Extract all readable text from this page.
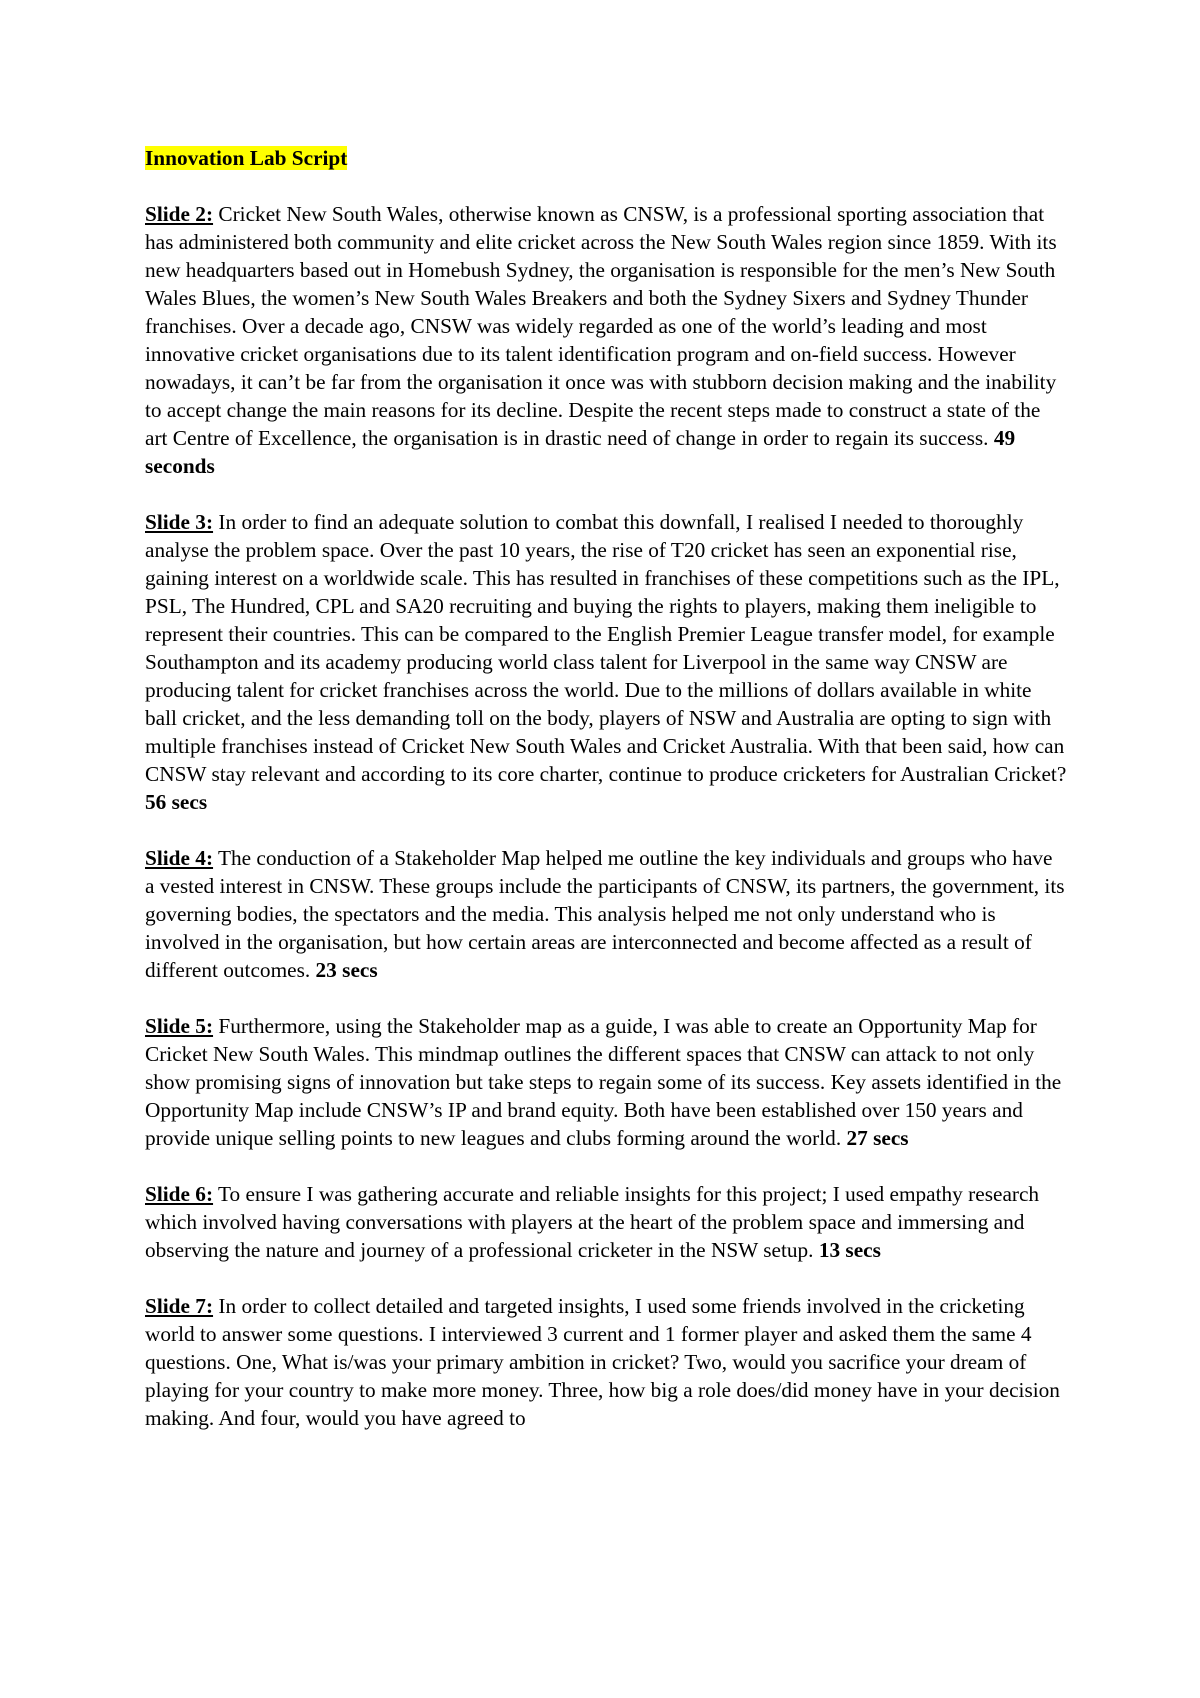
Innovation Lab Script

Slide 2: Cricket New South Wales, otherwise known as CNSW, is a professional sporting association that has administered both community and elite cricket across the New South Wales region since 1859. With its new headquarters based out in Homebush Sydney, the organisation is responsible for the men’s New South Wales Blues, the women’s New South Wales Breakers and both the Sydney Sixers and Sydney Thunder franchises. Over a decade ago, CNSW was widely regarded as one of the world’s leading and most innovative cricket organisations due to its talent identification program and on-field success. However nowadays, it can’t be far from the organisation it once was with stubborn decision making and the inability to accept change the main reasons for its decline. Despite the recent steps made to construct a state of the art Centre of Excellence, the organisation is in drastic need of change in order to regain its success. 49 seconds

Slide 3: In order to find an adequate solution to combat this downfall, I realised I needed to thoroughly analyse the problem space. Over the past 10 years, the rise of T20 cricket has seen an exponential rise, gaining interest on a worldwide scale. This has resulted in franchises of these competitions such as the IPL, PSL, The Hundred, CPL and SA20 recruiting and buying the rights to players, making them ineligible to represent their countries. This can be compared to the English Premier League transfer model, for example Southampton and its academy producing world class talent for Liverpool in the same way CNSW are producing talent for cricket franchises across the world. Due to the millions of dollars available in white ball cricket, and the less demanding toll on the body, players of NSW and Australia are opting to sign with multiple franchises instead of Cricket New South Wales and Cricket Australia. With that been said, how can CNSW stay relevant and according to its core charter, continue to produce cricketers for Australian Cricket? 56 secs

Slide 4: The conduction of a Stakeholder Map helped me outline the key individuals and groups who have a vested interest in CNSW. These groups include the participants of CNSW, its partners, the government, its governing bodies, the spectators and the media. This analysis helped me not only understand who is involved in the organisation, but how certain areas are interconnected and become affected as a result of different outcomes. 23 secs

Slide 5: Furthermore, using the Stakeholder map as a guide, I was able to create an Opportunity Map for Cricket New South Wales. This mindmap outlines the different spaces that CNSW can attack to not only show promising signs of innovation but take steps to regain some of its success. Key assets identified in the Opportunity Map include CNSW’s IP and brand equity. Both have been established over 150 years and provide unique selling points to new leagues and clubs forming around the world. 27 secs

Slide 6: To ensure I was gathering accurate and reliable insights for this project; I used empathy research which involved having conversations with players at the heart of the problem space and immersing and observing the nature and journey of a professional cricketer in the NSW setup. 13 secs

Slide 7: In order to collect detailed and targeted insights, I used some friends involved in the cricketing world to answer some questions. I interviewed 3 current and 1 former player and asked them the same 4 questions. One, What is/was your primary ambition in cricket? Two, would you sacrifice your dream of playing for your country to make more money. Three, how big a role does/did money have in your decision making. And four, would you have agreed to
